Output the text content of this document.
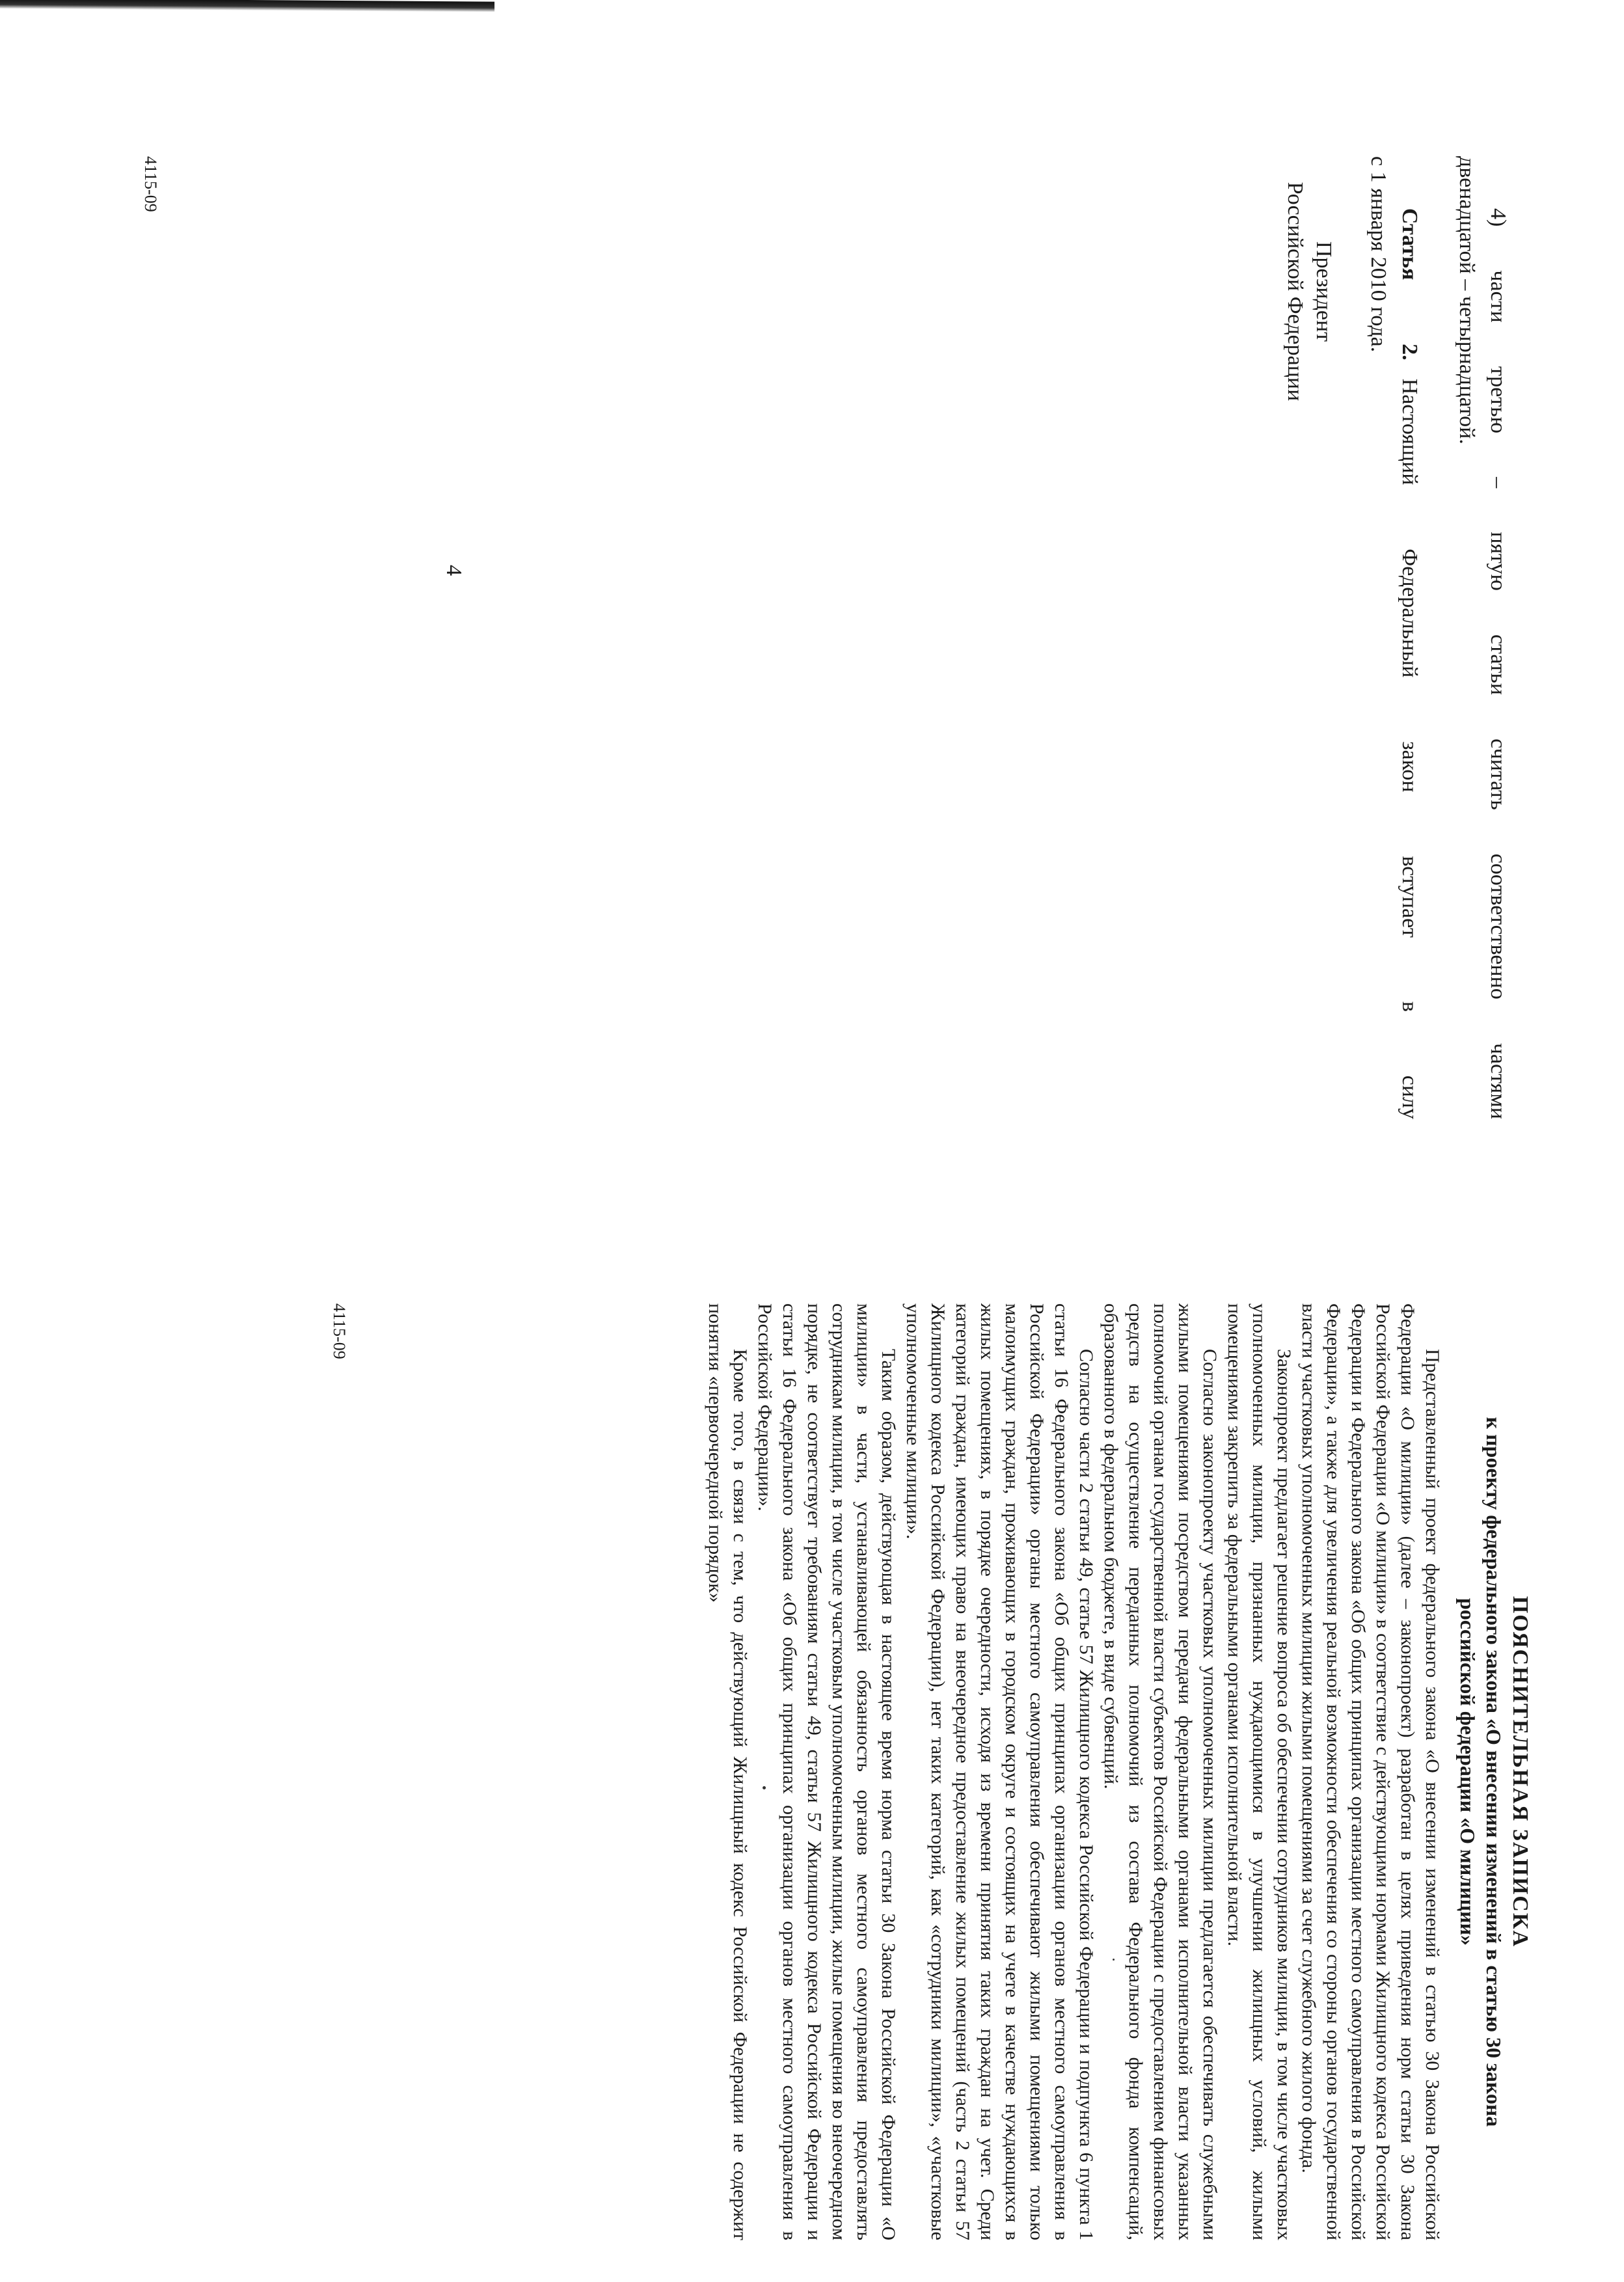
4	4) части третью – пятую статьи считать соответственно частями

двенадцатой – четырнадцатой.

Статья 2.Настоящий Федеральный закон вступает в силу

с 1 января 2010 года.

ПОЯСНИТЕЛЬНАЯ ЗАПИСКА
к проекту федерального закона «О внесении изменений в статью 30 закона
российской федерации «О милиции»

Представленный проект федерального закона «О внесении изменений в статью 30 Закона Российской Федерации «О милиции» (далее – законопроект) разработан в целях приведения норм статьи 30 Закона Российской Федерации «О милиции» в соответствие с действующими нормами Жилищного кодекса Российской Федерации и Федерального закона «Об общих принципах организации местного самоуправления в Российской Федерации», а также для увеличения реальной возможности обеспечения со стороны органов государственной власти участковых уполномоченных милиции жилыми помещениями за счет служебного жилого фонда.

Законопроект предлагает решение вопроса об обеспечении сотрудников милиции, в том числе участковых уполномоченных милиции, признанных нуждающимися в улучшении жилищных условий, жилыми помещениями закрепить за федеральными органами исполнительной власти.

Согласно законопроекту участковых уполномоченных милиции предлагается обеспечивать служебными жилыми помещениями посредством передачи федеральными органами исполнительной власти указанных полномочий органам государственной власти субъектов Российской Федерации с предоставлением финансовых средств на осуществление переданных полномочий из состава Федерального фонда компенсаций, образованного в федеральном бюджете, в виде субвенций.

Согласно части 2 статьи 49, статье 57 Жилищного кодекса Российской Федерации и подпункта 6 пункта 1 статьи 16 Федерального закона «Об общих принципах организации органов местного самоуправления в Российской Федерации» органы местного самоуправления обеспечивают жилыми помещениями только малоимущих граждан, проживающих в городском округе и состоящих на учете в качестве нуждающихся в жилых помещениях, в порядке очередности, исходя из времени принятия таких граждан на учет. Среди категорий граждан, имеющих право на внеочередное предоставление жилых помещений (часть 2 статьи 57 Жилищного кодекса Российской Федерации), нет таких категорий, как «сотрудники милиции», «участковые уполномоченные милиции».

Таким образом, действующая в настоящее время норма статьи 30 Закона Российской Федерации «О милиции» в части, устанавливающей обязанность органов местного самоуправления предоставлять сотрудникам милиции, в том числе участковым уполномоченным милиции, жилые помещения во внеочередном порядке, не соответствует требованиям статьи 49, статьи 57 Жилищного кодекса Российской Федерации и статьи 16 Федерального закона «Об общих принципах организации органов местного самоуправления в Российской Федерации».

Кроме того, в связи с тем, что действующий Жилищный кодекс Российской Федерации не содержит понятия «первоочередной порядок»

4115-09
Президент
Российской Федерации
4115-09
